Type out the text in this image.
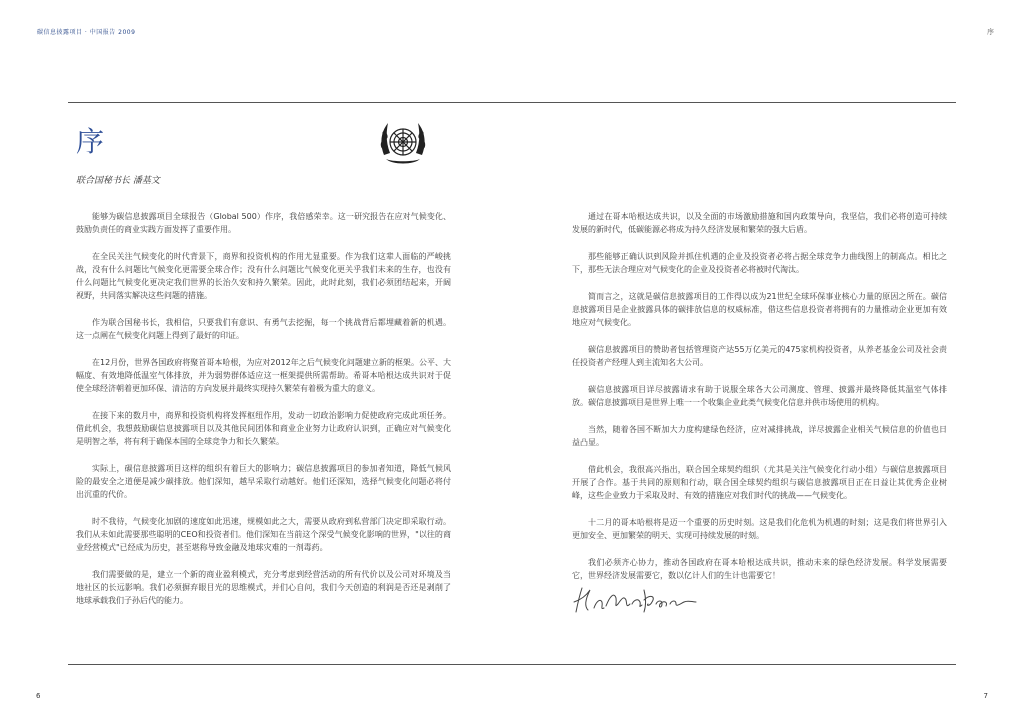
碳信息披露项目 · 中国报告 2009	序
序
联合国秘书长 潘基文

能够为碳信息披露项目全球报告（Global 500）作序，我倍感荣幸。这一研究报告在应对气候变化、鼓励负责任的商业实践方面发挥了重要作用。

在全民关注气候变化的时代背景下，商界和投资机构的作用尤显重要。作为我们这辈人面临的严峻挑战，没有什么问题比气候变化更需要全球合作；没有什么问题比气候变化更关乎我们未来的生存，也没有什么问题比气候变化更决定我们世界的长治久安和持久繁荣。因此，此时此刻，我们必须团结起来，开阔视野，共同落实解决这些问题的措施。

作为联合国秘书长，我相信，只要我们有意识、有勇气去挖掘，每一个挑战背后都埋藏着新的机遇。这一点阐在气候变化问题上得到了最好的印证。

在12月份，世界各国政府将聚首哥本哈根，为应对2012年之后气候变化问题建立新的框架。公平、大幅度、有效地降低温室气体排放，并为弱势群体适应这一框架提供所需帮助。希哥本哈根达成共识对于促使全球经济朝着更加环保、清洁的方向发展并最终实现持久繁荣有着极为重大的意义。

在接下来的数月中，商界和投资机构将发挥枢纽作用，发动一切政治影响力促使政府完成此项任务。借此机会，我想鼓励碳信息披露项目以及其他民间团体和商业企业努力让政府认识到，正确应对气候变化是明智之举，将有利于确保本国的全球竞争力和长久繁荣。

实际上，碳信息披露项目这样的组织有着巨大的影响力；碳信息披露项目的参加者知道，降低气候风险的最安全之道便是减少碳排放。他们深知，越早采取行动越好。他们还深知，选择气候变化问题必将付出沉重的代价。

时不我待，气候变化加剧的速度如此迅速，规模如此之大，需要从政府到私营部门决定即采取行动。我们从未如此需要那些聪明的CEO和投资者们。他们深知在当前这个深受气候变化影响的世界，"以往的商业经营模式"已经成为历史，甚至堪称导致金融及地球灾难的一剂毒药。

我们需要做的是，建立一个新的商业盈利模式，充分考虑到经营活动的所有代价以及公司对环境及当地社区的长远影响。我们必须摒弃眼目光的思维模式，并们心自问，我们今天创造的利润是否还是剥削了地球承载我们子孙后代的能力。

通过在哥本哈根达成共识，以及全面的市场激励措施和国内政策导向，我坚信，我们必将创造可持续发展的新时代，低碳能源必将成为持久经济发展和繁荣的强大后盾。

那些能够正确认识到风险并抓住机遇的企业及投资者必将占据全球竞争力曲线图上的制高点。相比之下，那些无法合理应对气候变化的企业及投资者必将被时代淘汰。

简而言之，这就是碳信息披露项目的工作得以成为21世纪全球环保事业核心力量的原因之所在。碳信息披露项目是企业披露具体的碳排放信息的权威标准，借这些信息投资者将拥有的力量推动企业更加有效地应对气候变化。

碳信息披露项目的赞助者包括管理资产达55万亿美元的475家机构投资者，从养老基金公司及社会责任投资者产经理人到主流知名大公司。

碳信息披露项目详尽披露请求有助于说服全球各大公司测度、管理、披露并最终降低其温室气体排放。碳信息披露项目是世界上唯一一个收集企业此类气候变化信息并供市场使用的机构。

当然，随着各国不断加大力度构建绿色经济，应对减排挑战，详尽披露企业相关气候信息的价值也日益凸显。

借此机会，我很高兴指出，联合国全球契约组织（尤其是关注气候变化行动小组）与碳信息披露项目开展了合作。基于共同的原则和行动，联合国全球契约组织与碳信息披露项目正在日益让其优秀企业树峰，这些企业致力于采取及时、有效的措施应对我们时代的挑战——气候变化。

十二月的哥本哈根将是迈一个重要的历史时刻。这是我们化危机为机遇的时刻；这是我们将世界引入更加安全、更加繁荣的明天、实现可持续发展的时刻。

我们必须齐心协力，推动各国政府在哥本哈根达成共识，推动未来的绿色经济发展。科学发展需要它，世界经济发展需要它，数以亿计人们的生计也需要它！

6	7
